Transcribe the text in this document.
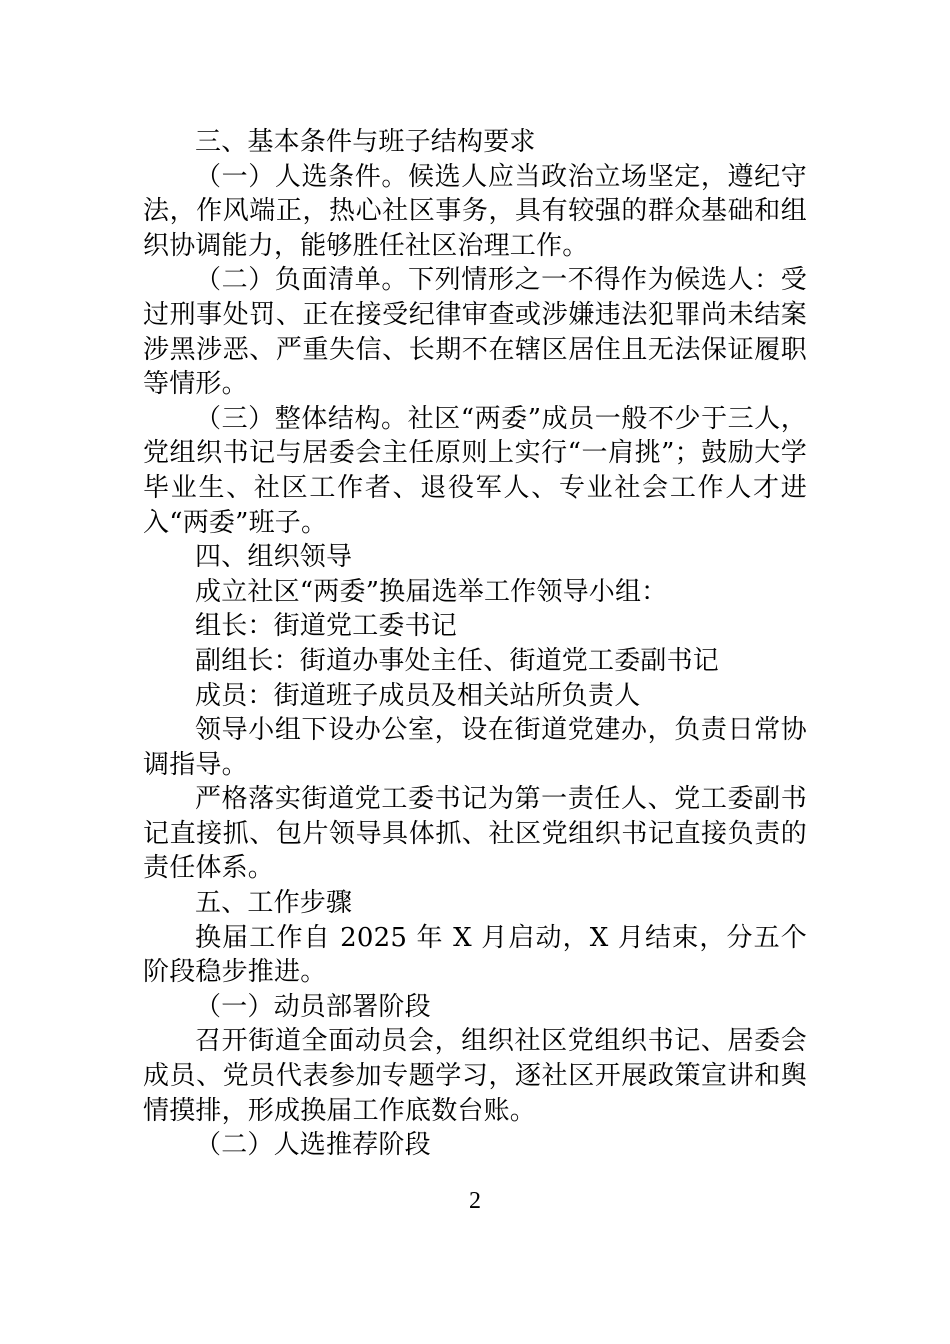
三、基本条件与班子结构要求

（一）人选条件。候选人应当政治立场坚定，遵纪守法，作风端正，热心社区事务，具有较强的群众基础和组织协调能力，能够胜任社区治理工作。

（二）负面清单。下列情形之一不得作为候选人：受过刑事处罚、正在接受纪律审查或涉嫌违法犯罪尚未结案涉黑涉恶、严重失信、长期不在辖区居住且无法保证履职等情形。

（三）整体结构。社区“两委”成员一般不少于三人，党组织书记与居委会主任原则上实行“一肩挑”；鼓励大学毕业生、社区工作者、退役军人、专业社会工作人才进入“两委”班子。

四、组织领导

成立社区“两委”换届选举工作领导小组：

组长：街道党工委书记

副组长：街道办事处主任、街道党工委副书记

成员：街道班子成员及相关站所负责人

领导小组下设办公室，设在街道党建办，负责日常协调指导。

严格落实街道党工委书记为第一责任人、党工委副书记直接抓、包片领导具体抓、社区党组织书记直接负责的责任体系。

五、工作步骤

换届工作自 2025 年 X 月启动，X 月结束，分五个阶段稳步推进。

（一）动员部署阶段

召开街道全面动员会，组织社区党组织书记、居委会成员、党员代表参加专题学习，逐社区开展政策宣讲和舆情摸排，形成换届工作底数台账。

（二）人选推荐阶段

2
